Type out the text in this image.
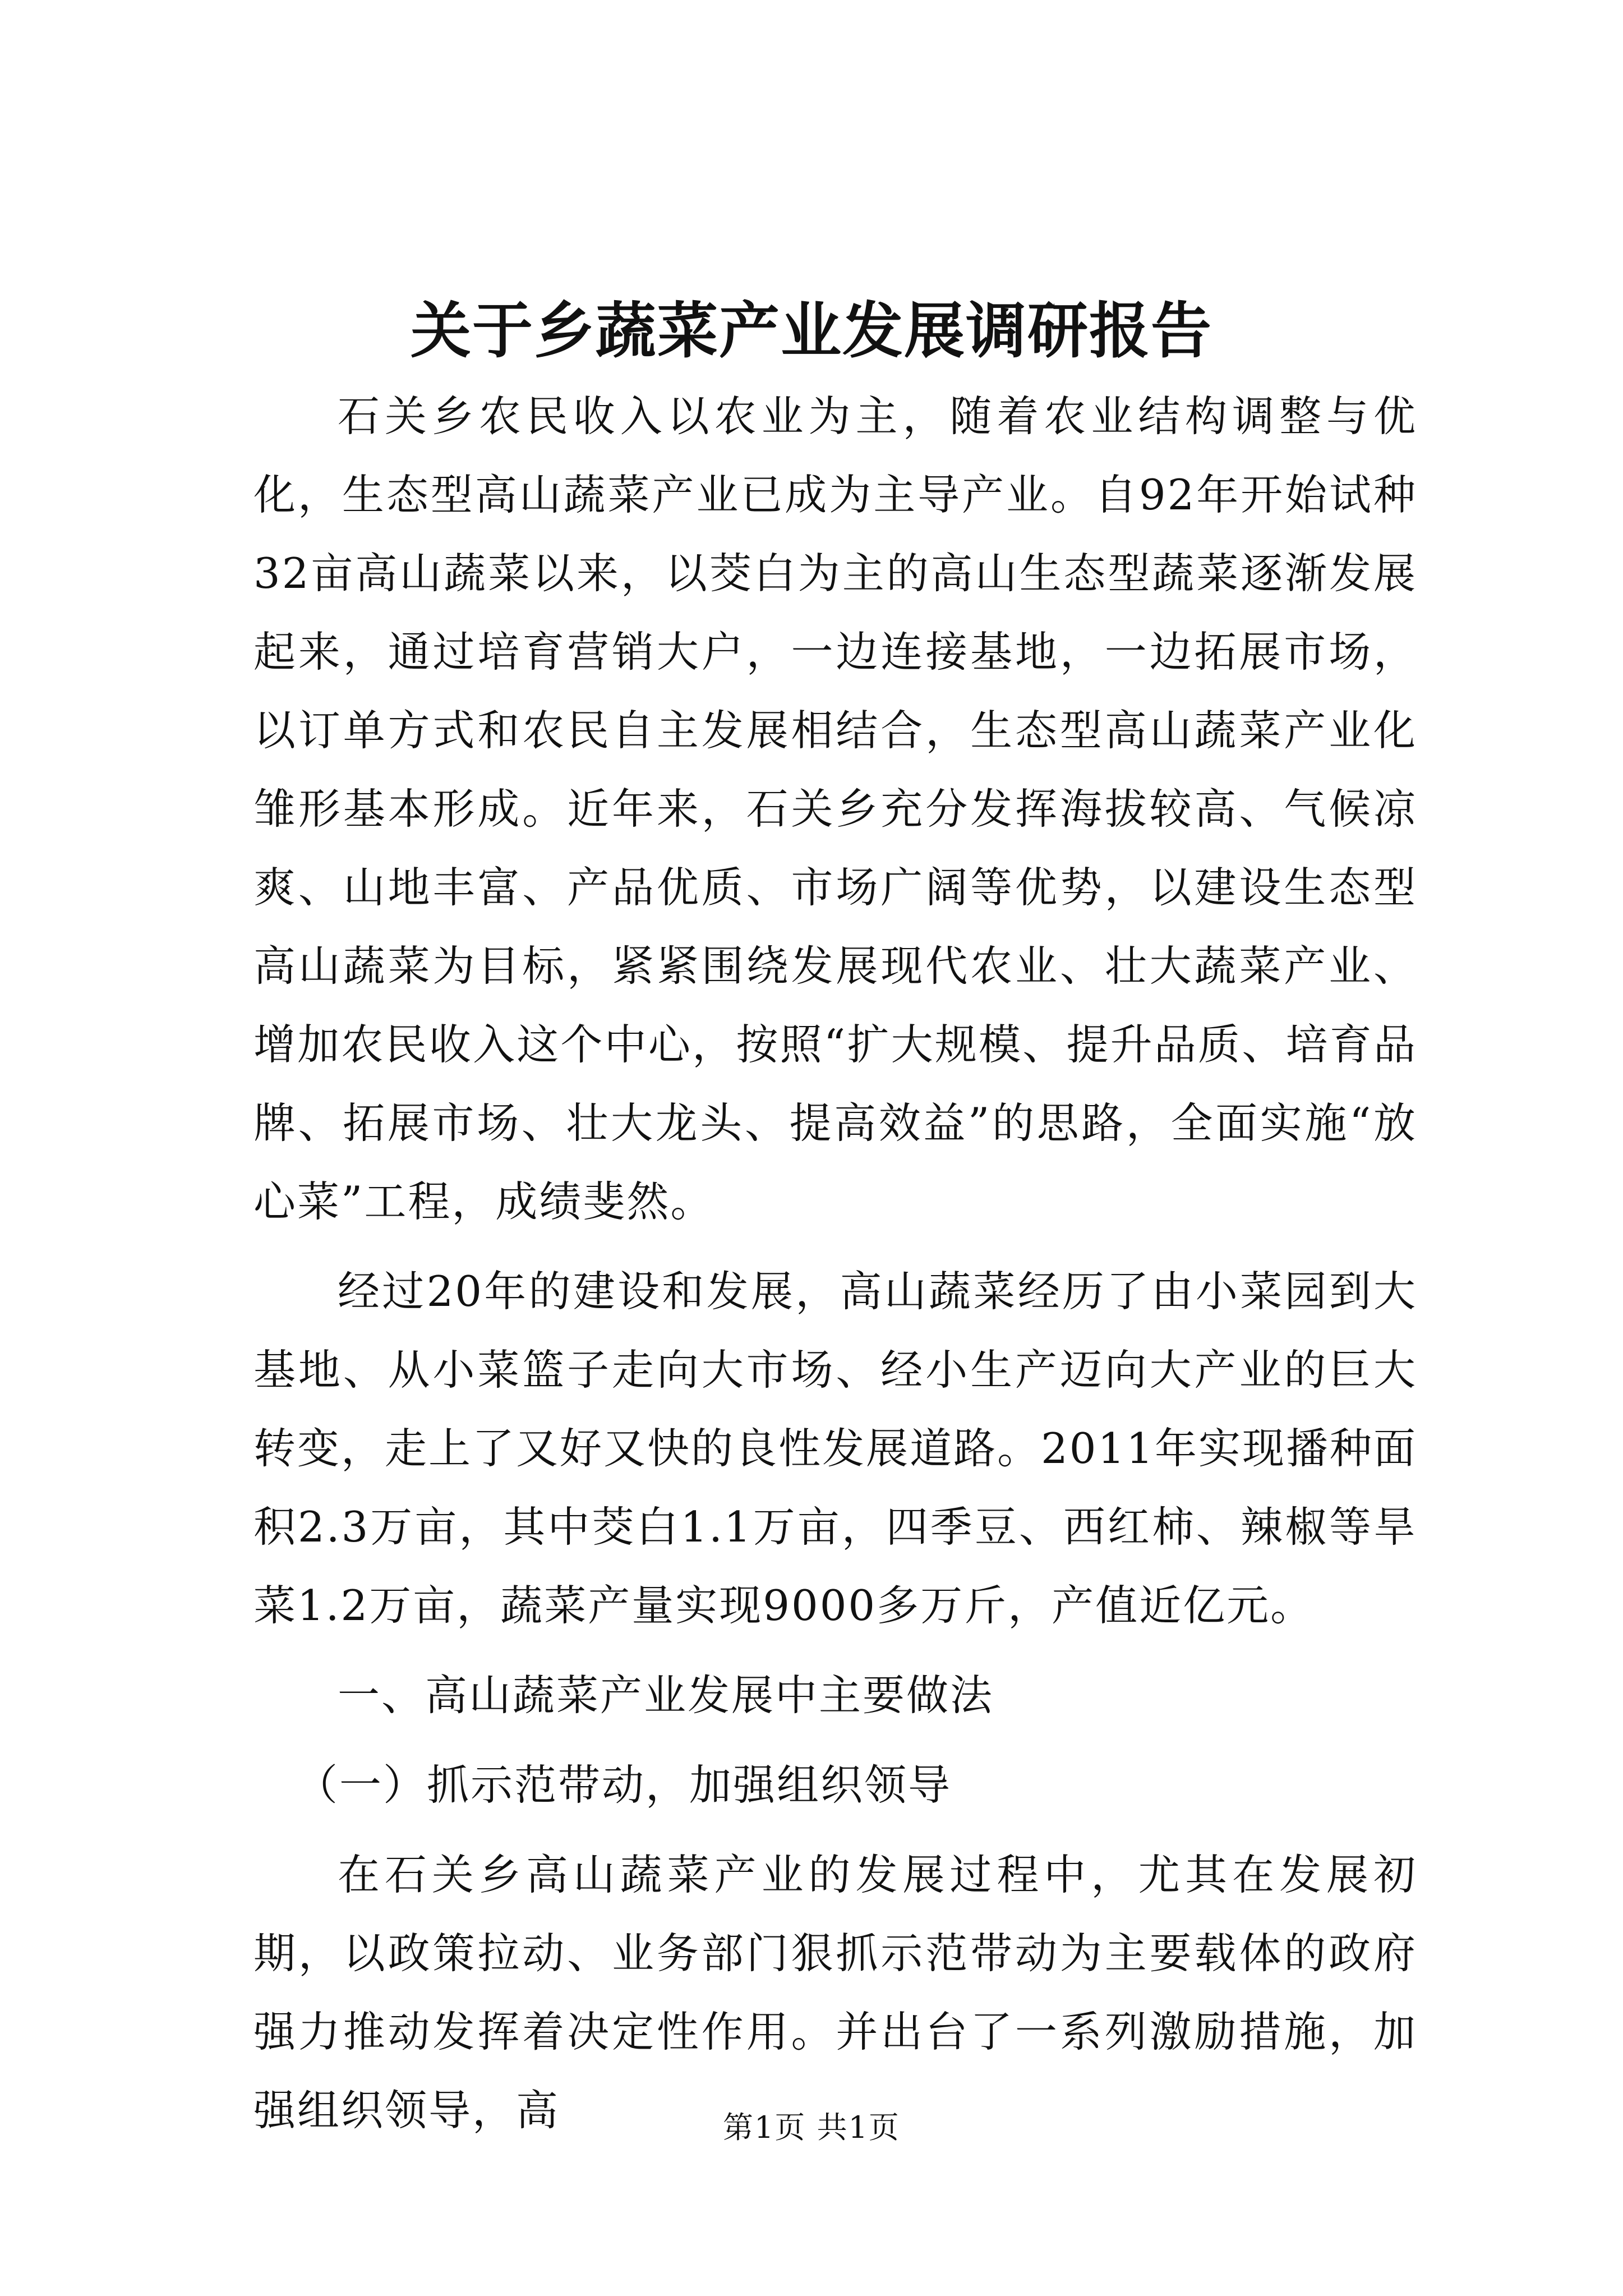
关于乡蔬菜产业发展调研报告

石关乡农民收入以农业为主，随着农业结构调整与优化，生态型高山蔬菜产业已成为主导产业。自92年开始试种32亩高山蔬菜以来，以茭白为主的高山生态型蔬菜逐渐发展起来，通过培育营销大户，一边连接基地，一边拓展市场，以订单方式和农民自主发展相结合，生态型高山蔬菜产业化雏形基本形成。近年来，石关乡充分发挥海拔较高、气候凉爽、山地丰富、产品优质、市场广阔等优势，以建设生态型高山蔬菜为目标，紧紧围绕发展现代农业、壮大蔬菜产业、增加农民收入这个中心，按照“扩大规模、提升品质、培育品牌、拓展市场、壮大龙头、提高效益”的思路，全面实施“放心菜”工程，成绩斐然。

经过20年的建设和发展，高山蔬菜经历了由小菜园到大基地、从小菜篮子走向大市场、经小生产迈向大产业的巨大转变，走上了又好又快的良性发展道路。2011年实现播种面积2.3万亩，其中茭白1.1万亩，四季豆、西红柿、辣椒等旱菜1.2万亩，蔬菜产量实现9000多万斤，产值近亿元。

一、高山蔬菜产业发展中主要做法

（一）抓示范带动，加强组织领导

在石关乡高山蔬菜产业的发展过程中，尤其在发展初期，以政策拉动、业务部门狠抓示范带动为主要载体的政府强力推动发挥着决定性作用。并出台了一系列激励措施，加强组织领导，高	第1页 共1页
